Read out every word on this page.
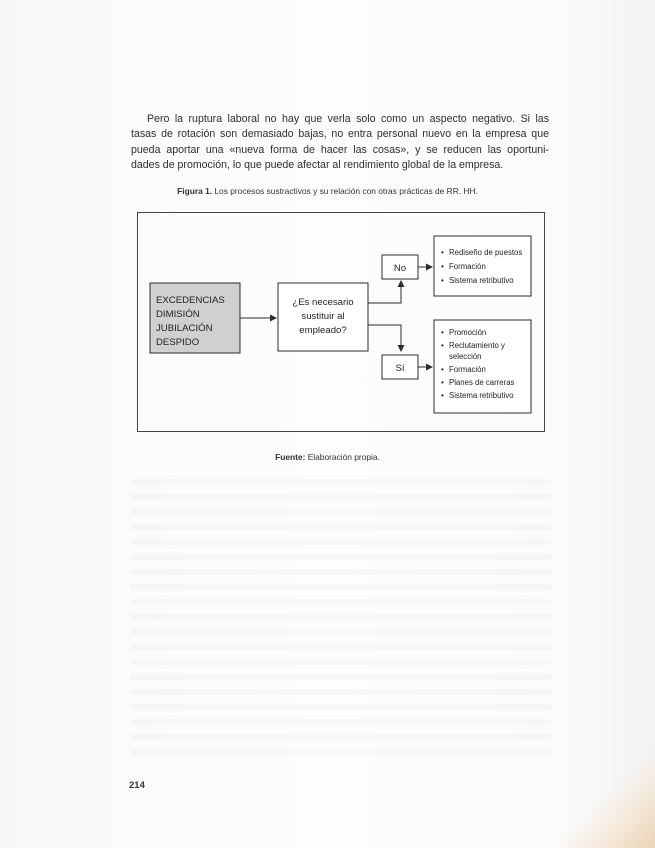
Pero la ruptura laboral no hay que verla solo como un aspecto negativo. Si las
tasas de rotación son demasiado bajas, no entra personal nuevo en la empresa que
pueda aportar una «nueva forma de hacer las cosas», y se reducen las oportuni-
dades de promoción, lo que puede afectar al rendimiento global de la empresa.
Figura 1. Los procesos sustractivos y su relación con otras prácticas de RR. HH.
EXCEDENCIAS
DIMISIÓN
JUBILACIÓN
DESPIDO
¿Es necesario
sustituir al
empleado?
No
Sí
• Rediseño de puestos
• Formación
• Sistema retributivo
• Promoción
• Reclutamiento y
selección
• Formación
• Planes de carreras
• Sistema retributivo
Fuente: Elaboración propia.
214
